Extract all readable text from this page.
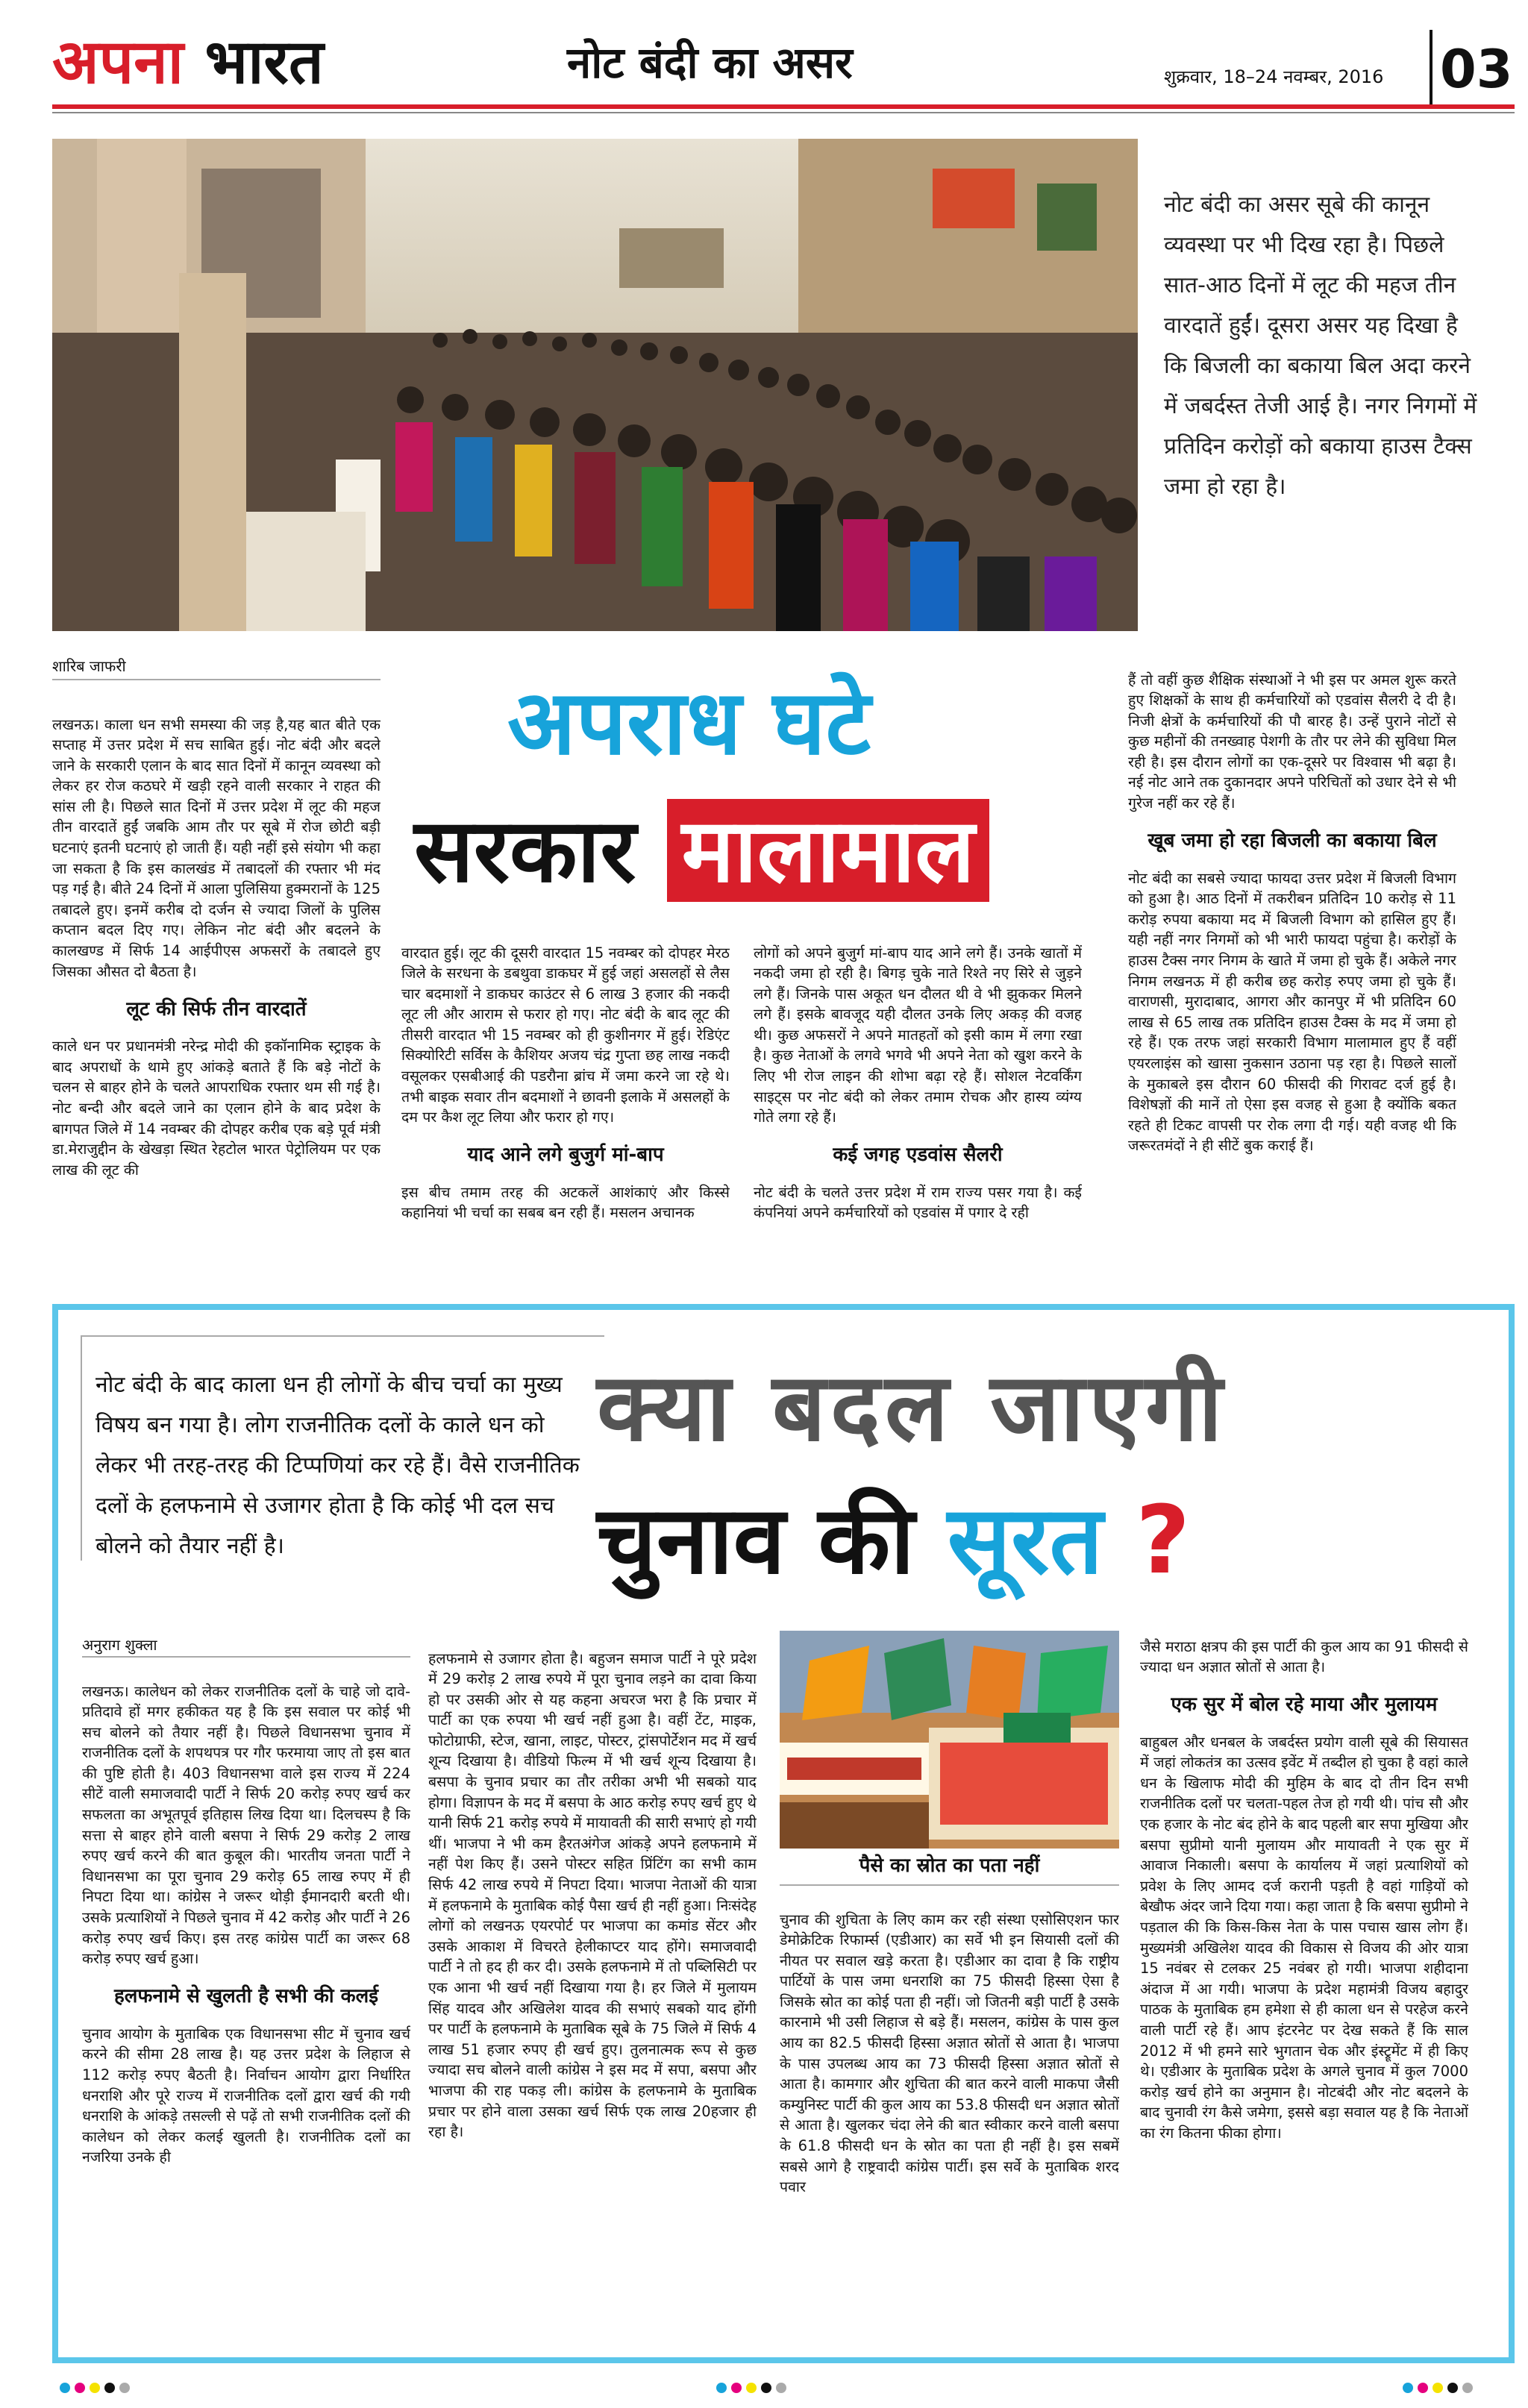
अपना भारत	नोट बंदी का असर	शुक्रवार, 18–24 नवम्बर, 2016 03
नोट बंदी का असर सूबे की कानून व्यवस्था पर भी दिख रहा है। पिछले सात-आठ दिनों में लूट की महज तीन वारदातें हुईं। दूसरा असर यह दिखा है कि बिजली का बकाया बिल अदा करने में जबर्दस्त तेजी आई है। नगर निगमों में प्रतिदिन करोड़ों को बकाया हाउस टैक्स जमा हो रहा है।
शारिब जाफरी
अपराध घटे
सरकार मालामाल

लखनऊ। काला धन सभी समस्या की जड़ है,यह बात बीते एक सप्ताह में उत्तर प्रदेश में सच साबित हुई। नोट बंदी और बदले जाने के सरकारी एलान के बाद सात दिनों में कानून व्यवस्था को लेकर हर रोज कठघरे में खड़ी रहने वाली सरकार ने राहत की सांस ली है। पिछले सात दिनों में उत्तर प्रदेश में लूट की महज तीन वारदातें हुईं जबकि आम तौर पर सूबे में रोज छोटी बड़ी घटनाएं इतनी घटनाएं हो जाती हैं। यही नहीं इसे संयोग भी कहा जा सकता है कि इस कालखंड में तबादलों की रफ्तार भी मंद पड़ गई है। बीते 24 दिनों में आला पुलिसिया हुक्मरानों के 125 तबादले हुए। इनमें करीब दो दर्जन से ज्यादा जिलों के पुलिस कप्तान बदल दिए गए। लेकिन नोट बंदी और बदलने के कालखण्ड में सिर्फ 14 आईपीएस अफसरों के तबादले हुए जिसका औसत दो बैठता है।

लूट की सिर्फ तीन वारदातें

काले धन पर प्रधानमंत्री नरेन्द्र मोदी की इकॉनामिक स्ट्राइक के बाद अपराधों के थामे हुए आंकड़े बताते हैं कि बड़े नोटों के चलन से बाहर होने के चलते आपराधिक रफ्तार थम सी गई है। नोट बन्दी और बदले जाने का एलान होने के बाद प्रदेश के बागपत जिले में 14 नवम्बर की दोपहर करीब एक बड़े पूर्व मंत्री डा.मेराजुद्दीन के खेखड़ा स्थित रेहटोल भारत पेट्रोलियम पर एक लाख की लूट की

वारदात हुई। लूट की दूसरी वारदात 15 नवम्बर को दोपहर मेरठ जिले के सरधना के डबथुवा डाकघर में हुई जहां असलहों से लैस चार बदमाशों ने डाकघर काउंटर से 6 लाख 3 हजार की नकदी लूट ली और आराम से फरार हो गए। नोट बंदी के बाद लूट की तीसरी वारदात भी 15 नवम्बर को ही कुशीनगर में हुई। रेडिएंट सिक्योरिटी सर्विस के कैशियर अजय चंद्र गुप्ता छह लाख नकदी वसूलकर एसबीआई की पडरौना ब्रांच में जमा करने जा रहे थे। तभी बाइक सवार तीन बदमाशों ने छावनी इलाके में असलहों के दम पर कैश लूट लिया और फरार हो गए।

याद आने लगे बुजुर्ग मां-बाप

इस बीच तमाम तरह की अटकलें आशंकाएं और किस्से कहानियां भी चर्चा का सबब बन रही हैं। मसलन अचानक

लोगों को अपने बुजुर्ग मां-बाप याद आने लगे हैं। उनके खातों में नकदी जमा हो रही है। बिगड़ चुके नाते रिश्ते नए सिरे से जुड़ने लगे हैं। जिनके पास अकूत धन दौलत थी वे भी झुककर मिलने लगे हैं। इसके बावजूद यही दौलत उनके लिए अकड़ की वजह थी। कुछ अफसरों ने अपने मातहतों को इसी काम में लगा रखा है। कुछ नेताओं के लगवे भगवे भी अपने नेता को खुश करने के लिए भी रोज लाइन की शोभा बढ़ा रहे हैं। सोशल नेटवर्किंग साइट्स पर नोट बंदी को लेकर तमाम रोचक और हास्य व्यंग्य गोते लगा रहे हैं।

कई जगह एडवांस सैलरी

नोट बंदी के चलते उत्तर प्रदेश में राम राज्य पसर गया है। कई कंपनियां अपने कर्मचारियों को एडवांस में पगार दे रही

हैं तो वहीं कुछ शैक्षिक संस्थाओं ने भी इस पर अमल शुरू करते हुए शिक्षकों के साथ ही कर्मचारियों को एडवांस सैलरी दे दी है। निजी क्षेत्रों के कर्मचारियों की पौ बारह है। उन्हें पुराने नोटों से कुछ महीनों की तनख्वाह पेशगी के तौर पर लेने की सुविधा मिल रही है। इस दौरान लोगों का एक-दूसरे पर विश्वास भी बढ़ा है। नई नोट आने तक दुकानदार अपने परिचितों को उधार देने से भी गुरेज नहीं कर रहे हैं।

खूब जमा हो रहा बिजली का बकाया बिल

नोट बंदी का सबसे ज्यादा फायदा उत्तर प्रदेश में बिजली विभाग को हुआ है। आठ दिनों में तकरीबन प्रतिदिन 10 करोड़ से 11 करोड़ रुपया बकाया मद में बिजली विभाग को हासिल हुए हैं। यही नहीं नगर निगमों को भी भारी फायदा पहुंचा है। करोड़ों के हाउस टैक्स नगर निगम के खाते में जमा हो चुके हैं। अकेले नगर निगम लखनऊ में ही करीब छह करोड़ रुपए जमा हो चुके हैं। वाराणसी, मुरादाबाद, आगरा और कानपुर में भी प्रतिदिन 60 लाख से 65 लाख तक प्रतिदिन हाउस टैक्स के मद में जमा हो रहे हैं। एक तरफ जहां सरकारी विभाग मालामाल हुए हैं वहीं एयरलाइंस को खासा नुकसान उठाना पड़ रहा है। पिछले सालों के मुकाबले इस दौरान 60 फीसदी की गिरावट दर्ज हुई है। विशेषज्ञों की मानें तो ऐसा इस वजह से हुआ है क्योंकि बकत रहते ही टिकट वापसी पर रोक लगा दी गई। यही वजह थी कि जरूरतमंदों ने ही सीटें बुक कराई हैं।

नोट बंदी के बाद काला धन ही लोगों के बीच चर्चा का मुख्य विषय बन गया है। लोग राजनीतिक दलों के काले धन को लेकर भी तरह-तरह की टिप्पणियां कर रहे हैं। वैसे राजनीतिक दलों के हलफनामे से उजागर होता है कि कोई भी दल सच बोलने को तैयार नहीं है।
क्या बदल जाएगी
चुनाव की सूरत ?
अनुराग शुक्ला

लखनऊ। कालेधन को लेकर राजनीतिक दलों के चाहे जो दावे-प्रतिदावे हों मगर हकीकत यह है कि इस सवाल पर कोई भी सच बोलने को तैयार नहीं है। पिछले विधानसभा चुनाव में राजनीतिक दलों के शपथपत्र पर गौर फरमाया जाए तो इस बात की पुष्टि होती है। 403 विधानसभा वाले इस राज्य में 224 सीटें वाली समाजवादी पार्टी ने सिर्फ 20 करोड़ रुपए खर्च कर सफलता का अभूतपूर्व इतिहास लिख दिया था। दिलचस्प है कि सत्ता से बाहर होने वाली बसपा ने सिर्फ 29 करोड़ 2 लाख रुपए खर्च करने की बात कुबूल की। भारतीय जनता पार्टी ने विधानसभा का पूरा चुनाव 29 करोड़ 65 लाख रुपए में ही निपटा दिया था। कांग्रेस ने जरूर थोड़ी ईमानदारी बरती थी। उसके प्रत्याशियों ने पिछले चुनाव में 42 करोड़ और पार्टी ने 26 करोड़ रुपए खर्च किए। इस तरह कांग्रेस पार्टी का जरूर 68 करोड़ रुपए खर्च हुआ।

हलफनामे से खुलती है सभी की कलई

चुनाव आयोग के मुताबिक एक विधानसभा सीट में चुनाव खर्च करने की सीमा 28 लाख है। यह उत्तर प्रदेश के लिहाज से 112 करोड़ रुपए बैठती है। निर्वाचन आयोग द्वारा निर्धारित धनराशि और पूरे राज्य में राजनीतिक दलों द्वारा खर्च की गयी धनराशि के आंकड़े तसल्ली से पढ़ें तो सभी राजनीतिक दलों की कालेधन को लेकर कलई खुलती है। राजनीतिक दलों का नजरिया उनके ही

हलफनामे से उजागर होता है। बहुजन समाज पार्टी ने पूरे प्रदेश में 29 करोड़ 2 लाख रुपये में पूरा चुनाव लड़ने का दावा किया हो पर उसकी ओर से यह कहना अचरज भरा है कि प्रचार में पार्टी का एक रुपया भी खर्च नहीं हुआ है। वहीं टेंट, माइक, फोटोग्राफी, स्टेज, खाना, लाइट, पोस्टर, ट्रांसपोर्टेशन मद में खर्च शून्य दिखाया है। वीडियो फिल्म में भी खर्च शून्य दिखाया है। बसपा के चुनाव प्रचार का तौर तरीका अभी भी सबको याद होगा। विज्ञापन के मद में बसपा के आठ करोड़ रुपए खर्च हुए थे यानी सिर्फ 21 करोड़ रुपये में मायावती की सारी सभाएं हो गयी थीं। भाजपा ने भी कम हैरतअंगेज आंकड़े अपने हलफनामे में नहीं पेश किए हैं। उसने पोस्टर सहित प्रिंटिंग का सभी काम सिर्फ 42 लाख रुपये में निपटा दिया। भाजपा नेताओं की यात्रा में हलफनामे के मुताबिक कोई पैसा खर्च ही नहीं हुआ। निःसंदेह लोगों को लखनऊ एयरपोर्ट पर भाजपा का कमांड सेंटर और उसके आकाश में विचरते हेलीकाप्टर याद होंगे। समाजवादी पार्टी ने तो हद ही कर दी। उसके हलफनामे में तो पब्लिसिटी पर एक आना भी खर्च नहीं दिखाया गया है। हर जिले में मुलायम सिंह यादव और अखिलेश यादव की सभाएं सबको याद होंगी पर पार्टी के हलफनामे के मुताबिक सूबे के 75 जिले में सिर्फ 4 लाख 51 हजार रुपए ही खर्च हुए। तुलनात्मक रूप से कुछ ज्यादा सच बोलने वाली कांग्रेस ने इस मद में सपा, बसपा और भाजपा की राह पकड़ ली। कांग्रेस के हलफनामे के मुताबिक प्रचार पर होने वाला उसका खर्च सिर्फ एक लाख 20हजार ही रहा है।

पैसे का स्रोत का पता नहीं

चुनाव की शुचिता के लिए काम कर रही संस्था एसोसिएशन फार डेमोक्रेटिक रिफार्म्स (एडीआर) का सर्वे भी इन सियासी दलों की नीयत पर सवाल खड़े करता है। एडीआर का दावा है कि राष्ट्रीय पार्टियों के पास जमा धनराशि का 75 फीसदी हिस्सा ऐसा है जिसके स्रोत का कोई पता ही नहीं। जो जितनी बड़ी पार्टी है उसके कारनामे भी उसी लिहाज से बड़े हैं। मसलन, कांग्रेस के पास कुल आय का 82.5 फीसदी हिस्सा अज्ञात स्रोतों से आता है। भाजपा के पास उपलब्ध आय का 73 फीसदी हिस्सा अज्ञात स्रोतों से आता है। कामगार और शुचिता की बात करने वाली माकपा जैसी कम्युनिस्ट पार्टी की कुल आय का 53.8 फीसदी धन अज्ञात स्रोतों से आता है। खुलकर चंदा लेने की बात स्वीकार करने वाली बसपा के 61.8 फीसदी धन के स्रोत का पता ही नहीं है। इस सबमें सबसे आगे है राष्ट्रवादी कांग्रेस पार्टी। इस सर्वे के मुताबिक शरद पवार

जैसे मराठा क्षत्रप की इस पार्टी की कुल आय का 91 फीसदी से ज्यादा धन अज्ञात स्रोतों से आता है।

एक सुर में बोल रहे माया और मुलायम

बाहुबल और धनबल के जबर्दस्त प्रयोग वाली सूबे की सियासत में जहां लोकतंत्र का उत्सव इवेंट में तब्दील हो चुका है वहां काले धन के खिलाफ मोदी की मुहिम के बाद दो तीन दिन सभी राजनीतिक दलों पर चलता-पहल तेज हो गयी थी। पांच सौ और एक हजार के नोट बंद होने के बाद पहली बार सपा मुखिया और बसपा सुप्रीमो यानी मुलायम और मायावती ने एक सुर में आवाज निकाली। बसपा के कार्यालय में जहां प्रत्याशियों को प्रवेश के लिए आमद दर्ज करानी पड़ती है वहां गाड़ियों को बेखौफ अंदर जाने दिया गया। कहा जाता है कि बसपा सुप्रीमो ने पड़ताल की कि किस-किस नेता के पास पचास खास लोग हैं। मुख्यमंत्री अखिलेश यादव की विकास से विजय की ओर यात्रा 15 नवंबर से टलकर 25 नवंबर हो गयी। भाजपा शहीदाना अंदाज में आ गयी। भाजपा के प्रदेश महामंत्री विजय बहादुर पाठक के मुताबिक हम हमेशा से ही काला धन से परहेज करने वाली पार्टी रहे हैं। आप इंटरनेट पर देख सकते हैं कि साल 2012 में भी हमने सारे भुगतान चेक और इंस्ट्रूमेंट में ही किए थे। एडीआर के मुताबिक प्रदेश के अगले चुनाव में कुल 7000 करोड़ खर्च होने का अनुमान है। नोटबंदी और नोट बदलने के बाद चुनावी रंग कैसे जमेगा, इससे बड़ा सवाल यह है कि नेताओं का रंग कितना फीका होगा।
